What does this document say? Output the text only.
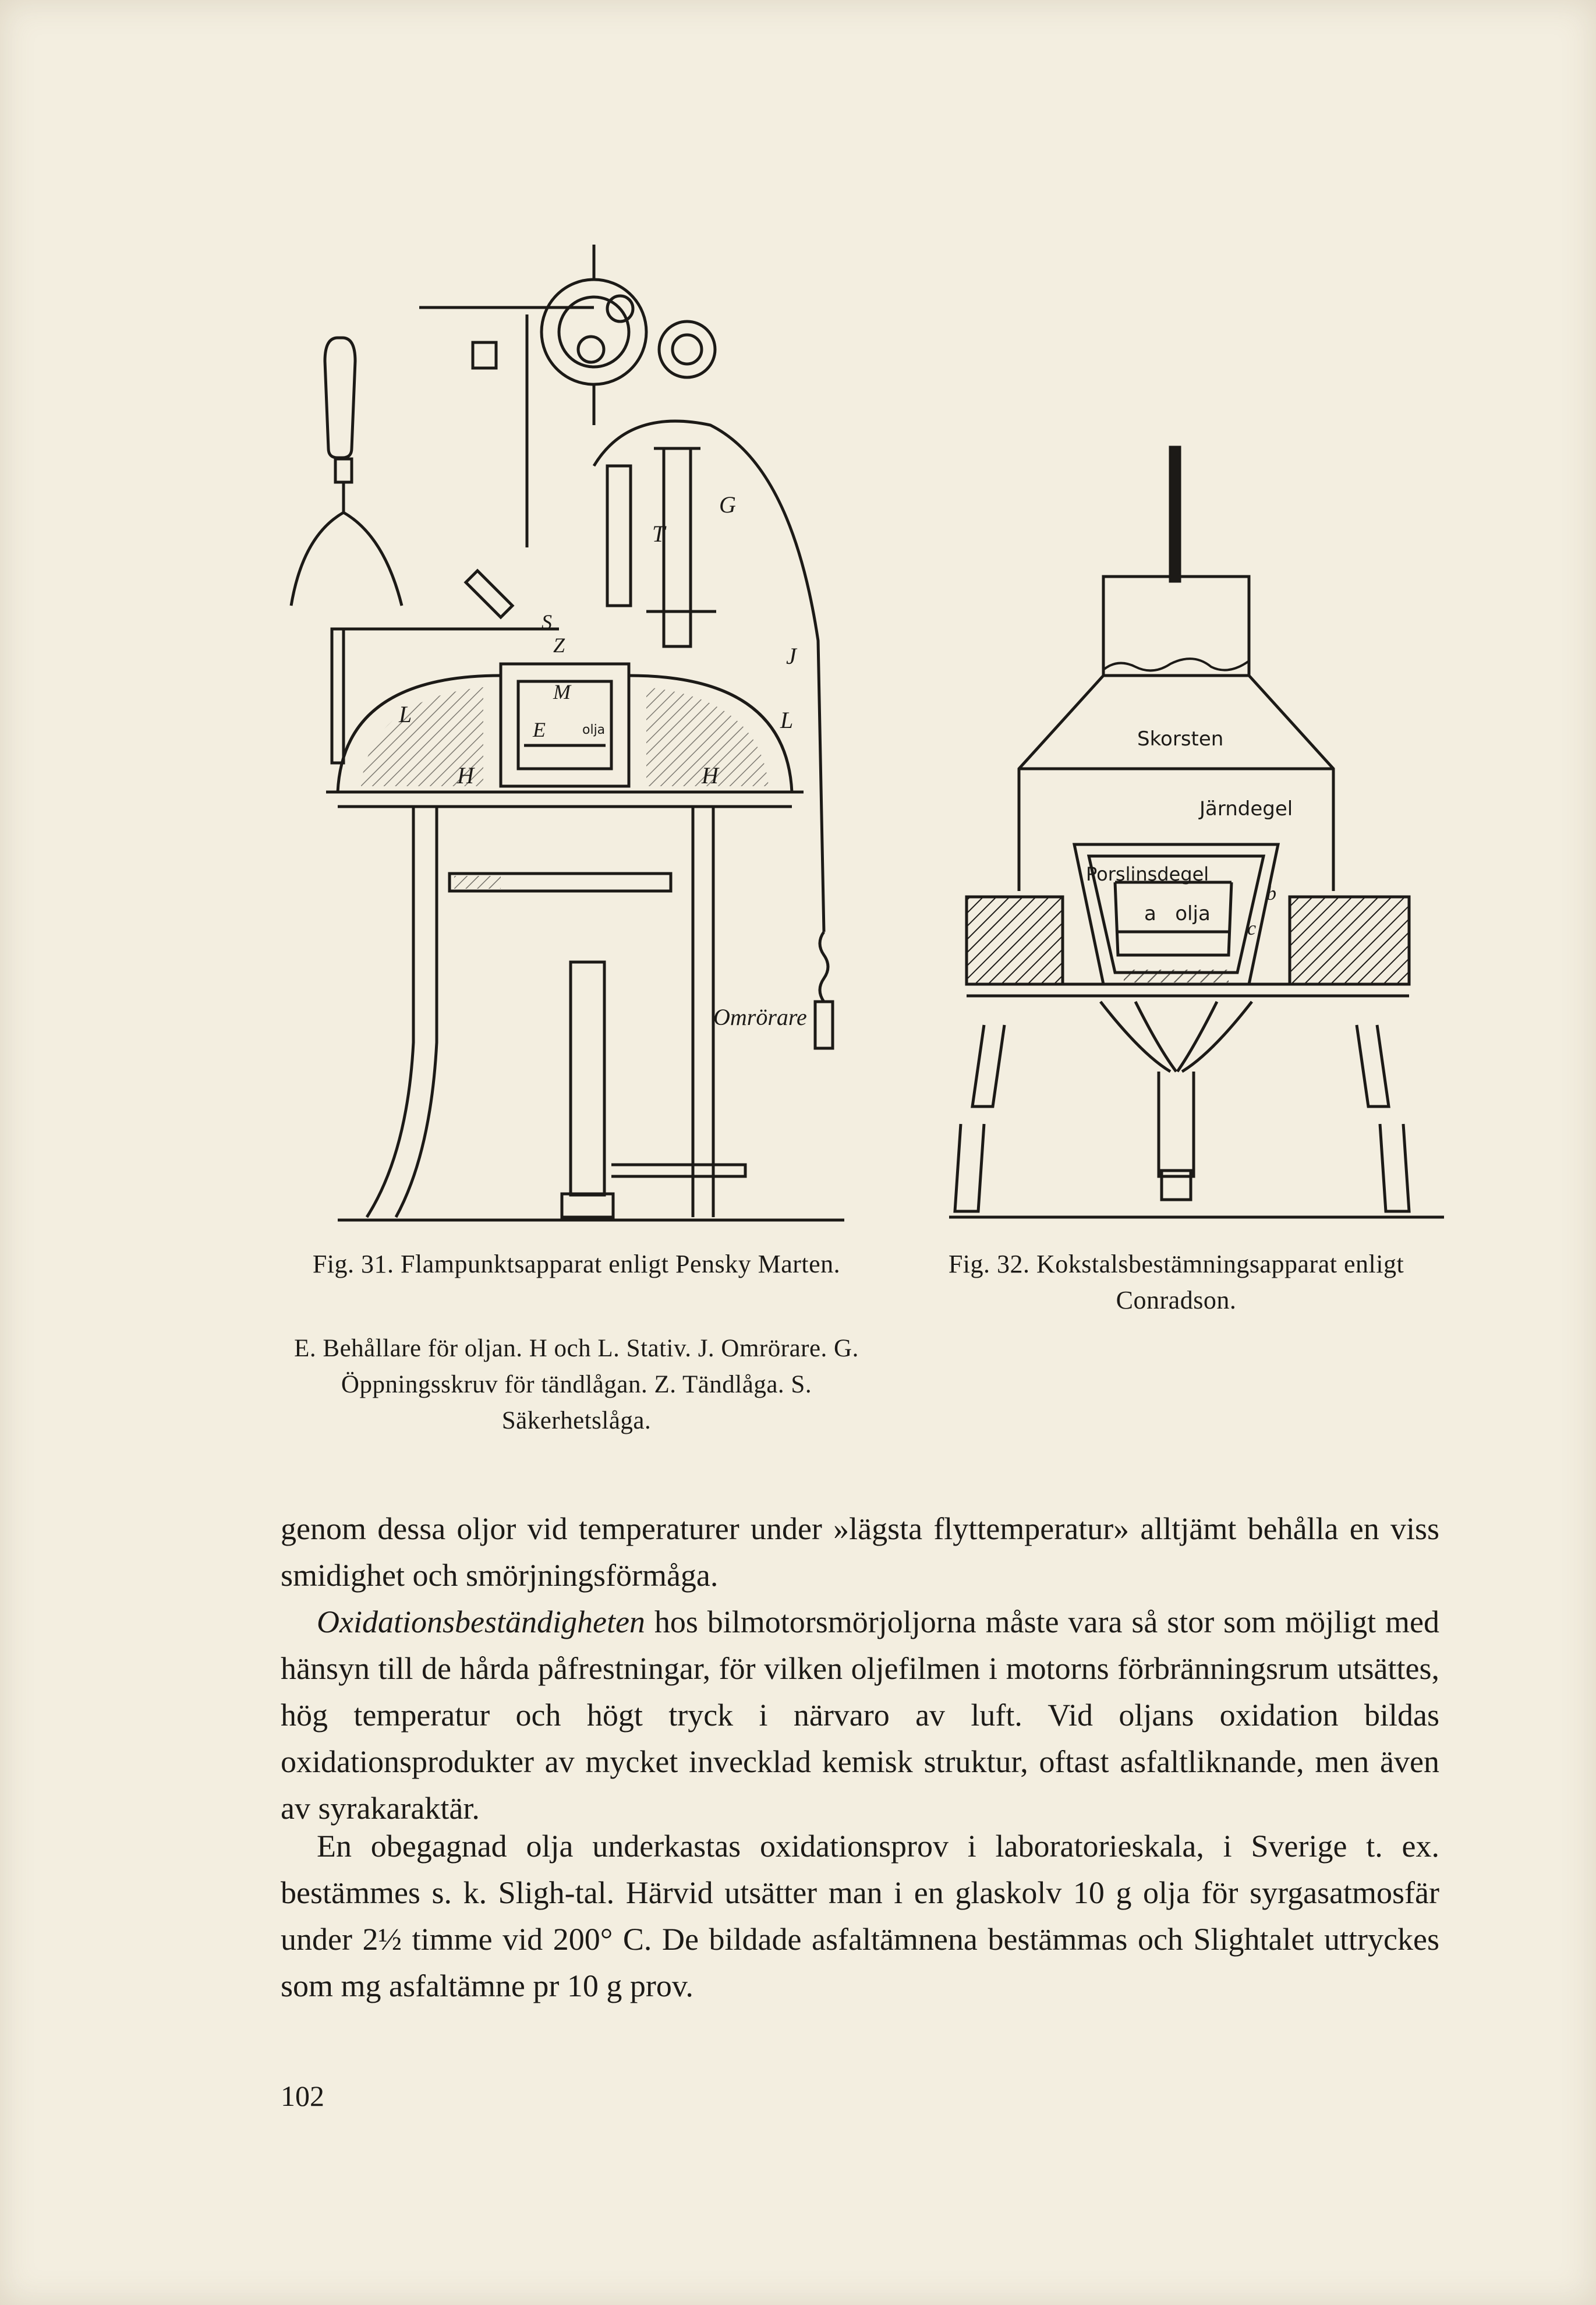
G
T
S
Z
M
L	L
E
H	H
J
olja
Omrörare
Skorsten
Järndegel
Porslinsdegel
b
c
a   olja
Fig. 31. Flampunktsapparat enligt Pensky Marten.	Fig. 32. Kokstalsbestämningsapparat enligt Conradson.
E. Behållare för oljan. H och L. Stativ. J. Omrörare. G. Öppningsskruv för tändlågan. Z. Tändlåga. S. Säkerhetslåga.

genom dessa oljor vid temperaturer under »lägsta flyttemperatur» alltjämt behålla en viss smidighet och smörjningsförmåga.

Oxidationsbeständigheten hos bilmotorsmörjoljorna måste vara så stor som möjligt med hänsyn till de hårda påfrestningar, för vilken oljefilmen i motorns förbränningsrum utsättes, hög temperatur och högt tryck i närvaro av luft. Vid oljans oxidation bildas oxidationsprodukter av mycket invecklad kemisk struktur, oftast asfaltliknande, men även av syrakaraktär.

En obegagnad olja underkastas oxidationsprov i laboratorieskala, i Sverige t. ex. bestämmes s. k. Sligh-tal. Härvid utsätter man i en glaskolv 10 g olja för syrgasatmosfär under 2½ timme vid 200° C. De bildade asfaltämnena bestämmas och Slightalet uttryckes som mg asfaltämne pr 10 g prov.

102
